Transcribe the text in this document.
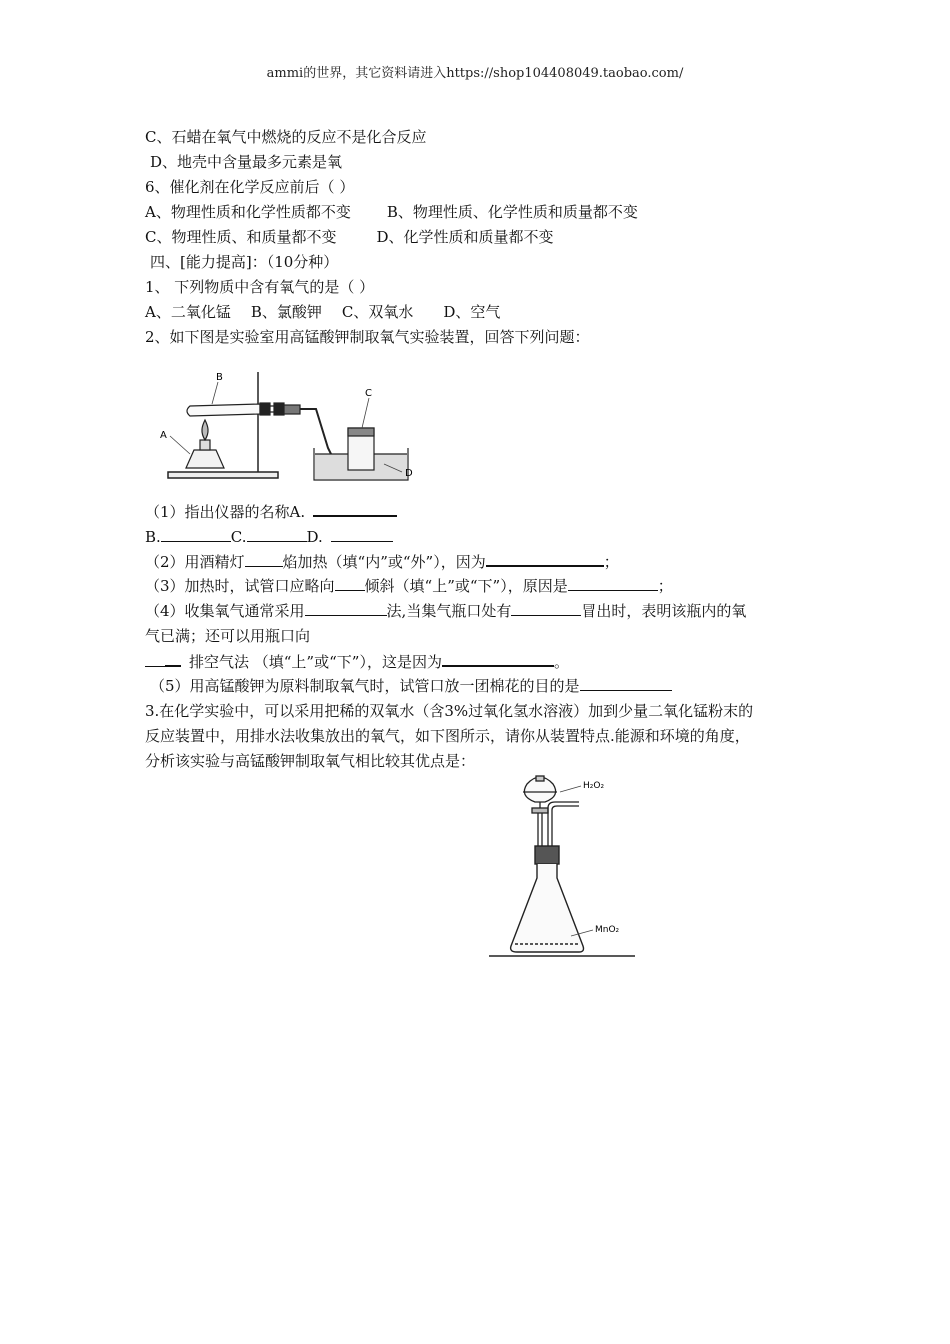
ammi的世界，其它资料请进入https://shop104408049.taobao.com/
C、石蜡在氧气中燃烧的反应不是化合反应
D、地壳中含量最多元素是氧
6、催化剂在化学反应前后（ ）
A、物理性质和化学性质都不变 B、物理性质、化学性质和质量都不变
C、物理性质、和质量都不变	D、化学性质和质量都不变
四、[能力提高]：（10分种）
1、 下列物质中含有氧气的是（ ）
A、二氧化锰 B、氯酸钾 C、双氧水 D、空气
2、如下图是实验室用高锰酸钾制取氧气实验装置，回答下列问题：
A
B
C
D
（1）指出仪器的名称A.
B.	C.	D.
（2）用酒精灯	焰加热（填“内”或“外”），因为	；
（3）加热时，试管口应略向 倾斜（填“上”或“下”），原因是	；
（4）收集氧气通常采用	法,当集气瓶口处有	冒出时，表明该瓶内的氧
气已满；还可以用瓶口向
排空气法 （填“上”或“下”），这是因为	。
（5）用高锰酸钾为原料制取氧气时，试管口放一团棉花的目的是
3.在化学实验中，可以采用把稀的双氧水（含3%过氧化氢水溶液）加到少量二氧化锰粉末的
反应装置中，用排水法收集放出的氧气，如下图所示，请你从装置特点.能源和环境的角度，
分析该实验与高锰酸钾制取氧气相比较其优点是：
H₂O₂
MnO₂
